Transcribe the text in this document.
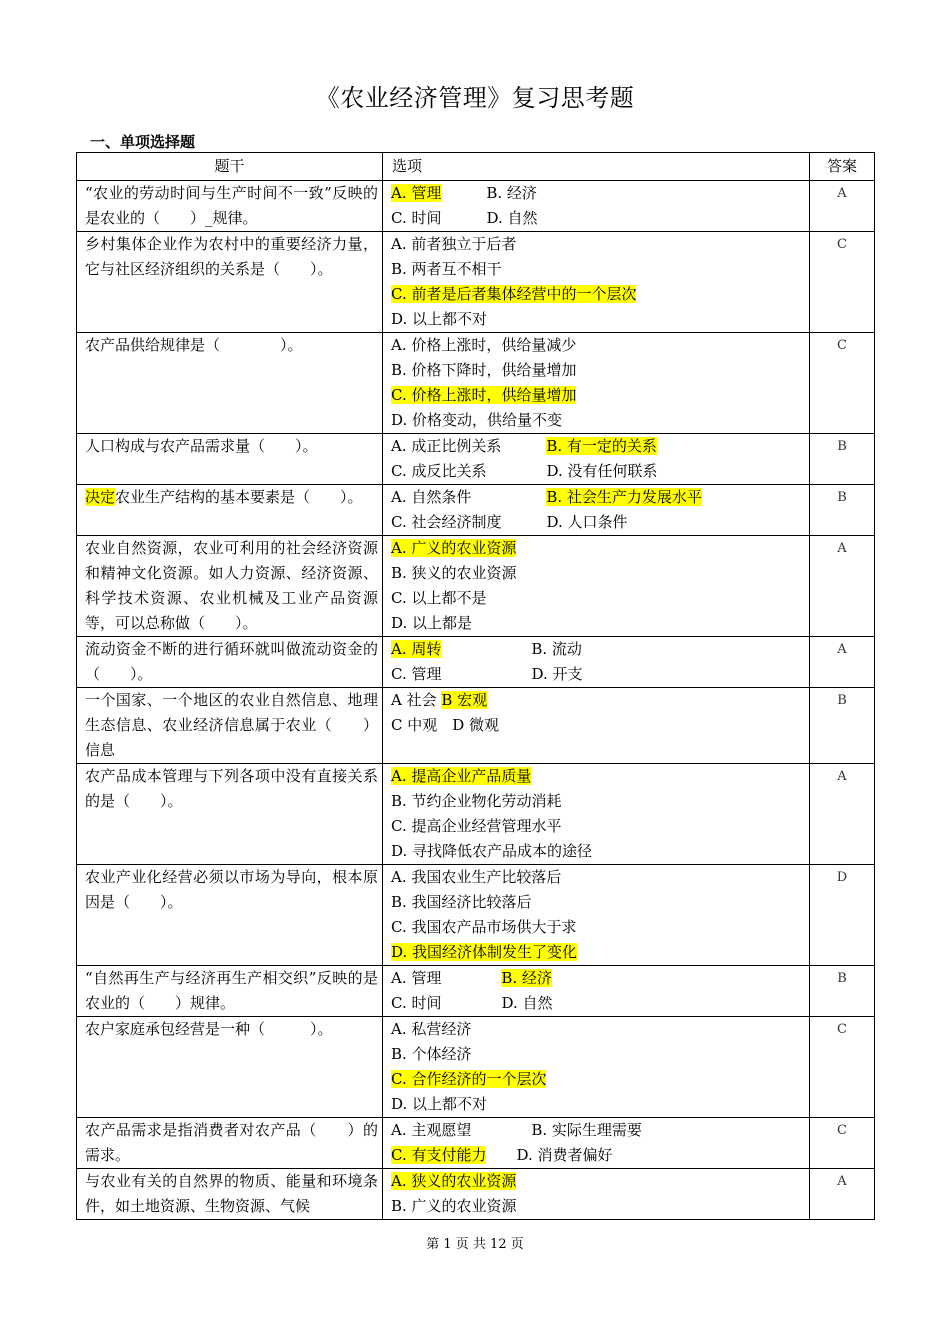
《农业经济管理》复习思考题
一、单项选择题
题干	选项	答案
“农业的劳动时间与生产时间不一致”反映的是农业的（　　）_规律。	A. 管理　　　B. 经济
C. 时间　　　D. 自然	A
乡村集体企业作为农村中的重要经济力量，它与社区经济组织的关系是（　　）。	A. 前者独立于后者
B. 两者互不相干
C. 前者是后者集体经营中的一个层次
D. 以上都不对	C
农产品供给规律是（　　　　）。	A. 价格上涨时，供给量减少
B. 价格下降时，供给量增加
C. 价格上涨时，供给量增加
D. 价格变动，供给量不变	C
人口构成与农产品需求量（　　）。	A. 成正比例关系　　　B. 有一定的关系
C. 成反比关系　　　　D. 没有任何联系	B
决定农业生产结构的基本要素是（　　）。	A. 自然条件　　　　　B. 社会生产力发展水平
C. 社会经济制度　　　D. 人口条件	B
农业自然资源，农业可利用的社会经济资源和精神文化资源。如人力资源、经济资源、科学技术资源、农业机械及工业产品资源等，可以总称做（　　）。	A. 广义的农业资源
B. 狭义的农业资源
C. 以上都不是
D. 以上都是	A
流动资金不断的进行循环就叫做流动资金的（　　）。	A. 周转　　　　　　B. 流动
C. 管理　　　　　　D. 开支	A
一个国家、一个地区的农业自然信息、地理生态信息、农业经济信息属于农业（　　）信息	A 社会 B 宏观
C 中观　D 微观	B
农产品成本管理与下列各项中没有直接关系的是（　　）。	A. 提高企业产品质量
B. 节约企业物化劳动消耗
C. 提高企业经营管理水平
D. 寻找降低农产品成本的途径	A
农业产业化经营必须以市场为导向，根本原因是（　　）。	A. 我国农业生产比较落后
B. 我国经济比较落后
C. 我国农产品市场供大于求
D. 我国经济体制发生了变化	D
“自然再生产与经济再生产相交织”反映的是农业的（　　）规律。	A. 管理　　　　B. 经济
C. 时间　　　　D. 自然	B
农户家庭承包经营是一种（　　　）。	A. 私营经济
B. 个体经济
C. 合作经济的一个层次
D. 以上都不对	C
农产品需求是指消费者对农产品（　　）的需求。	A. 主观愿望　　　　B. 实际生理需要
C. 有支付能力　　D. 消费者偏好	C
与农业有关的自然界的物质、能量和环境条件，如土地资源、生物资源、气候	A. 狭义的农业资源
B. 广义的农业资源	A
第 1 页 共 12 页
